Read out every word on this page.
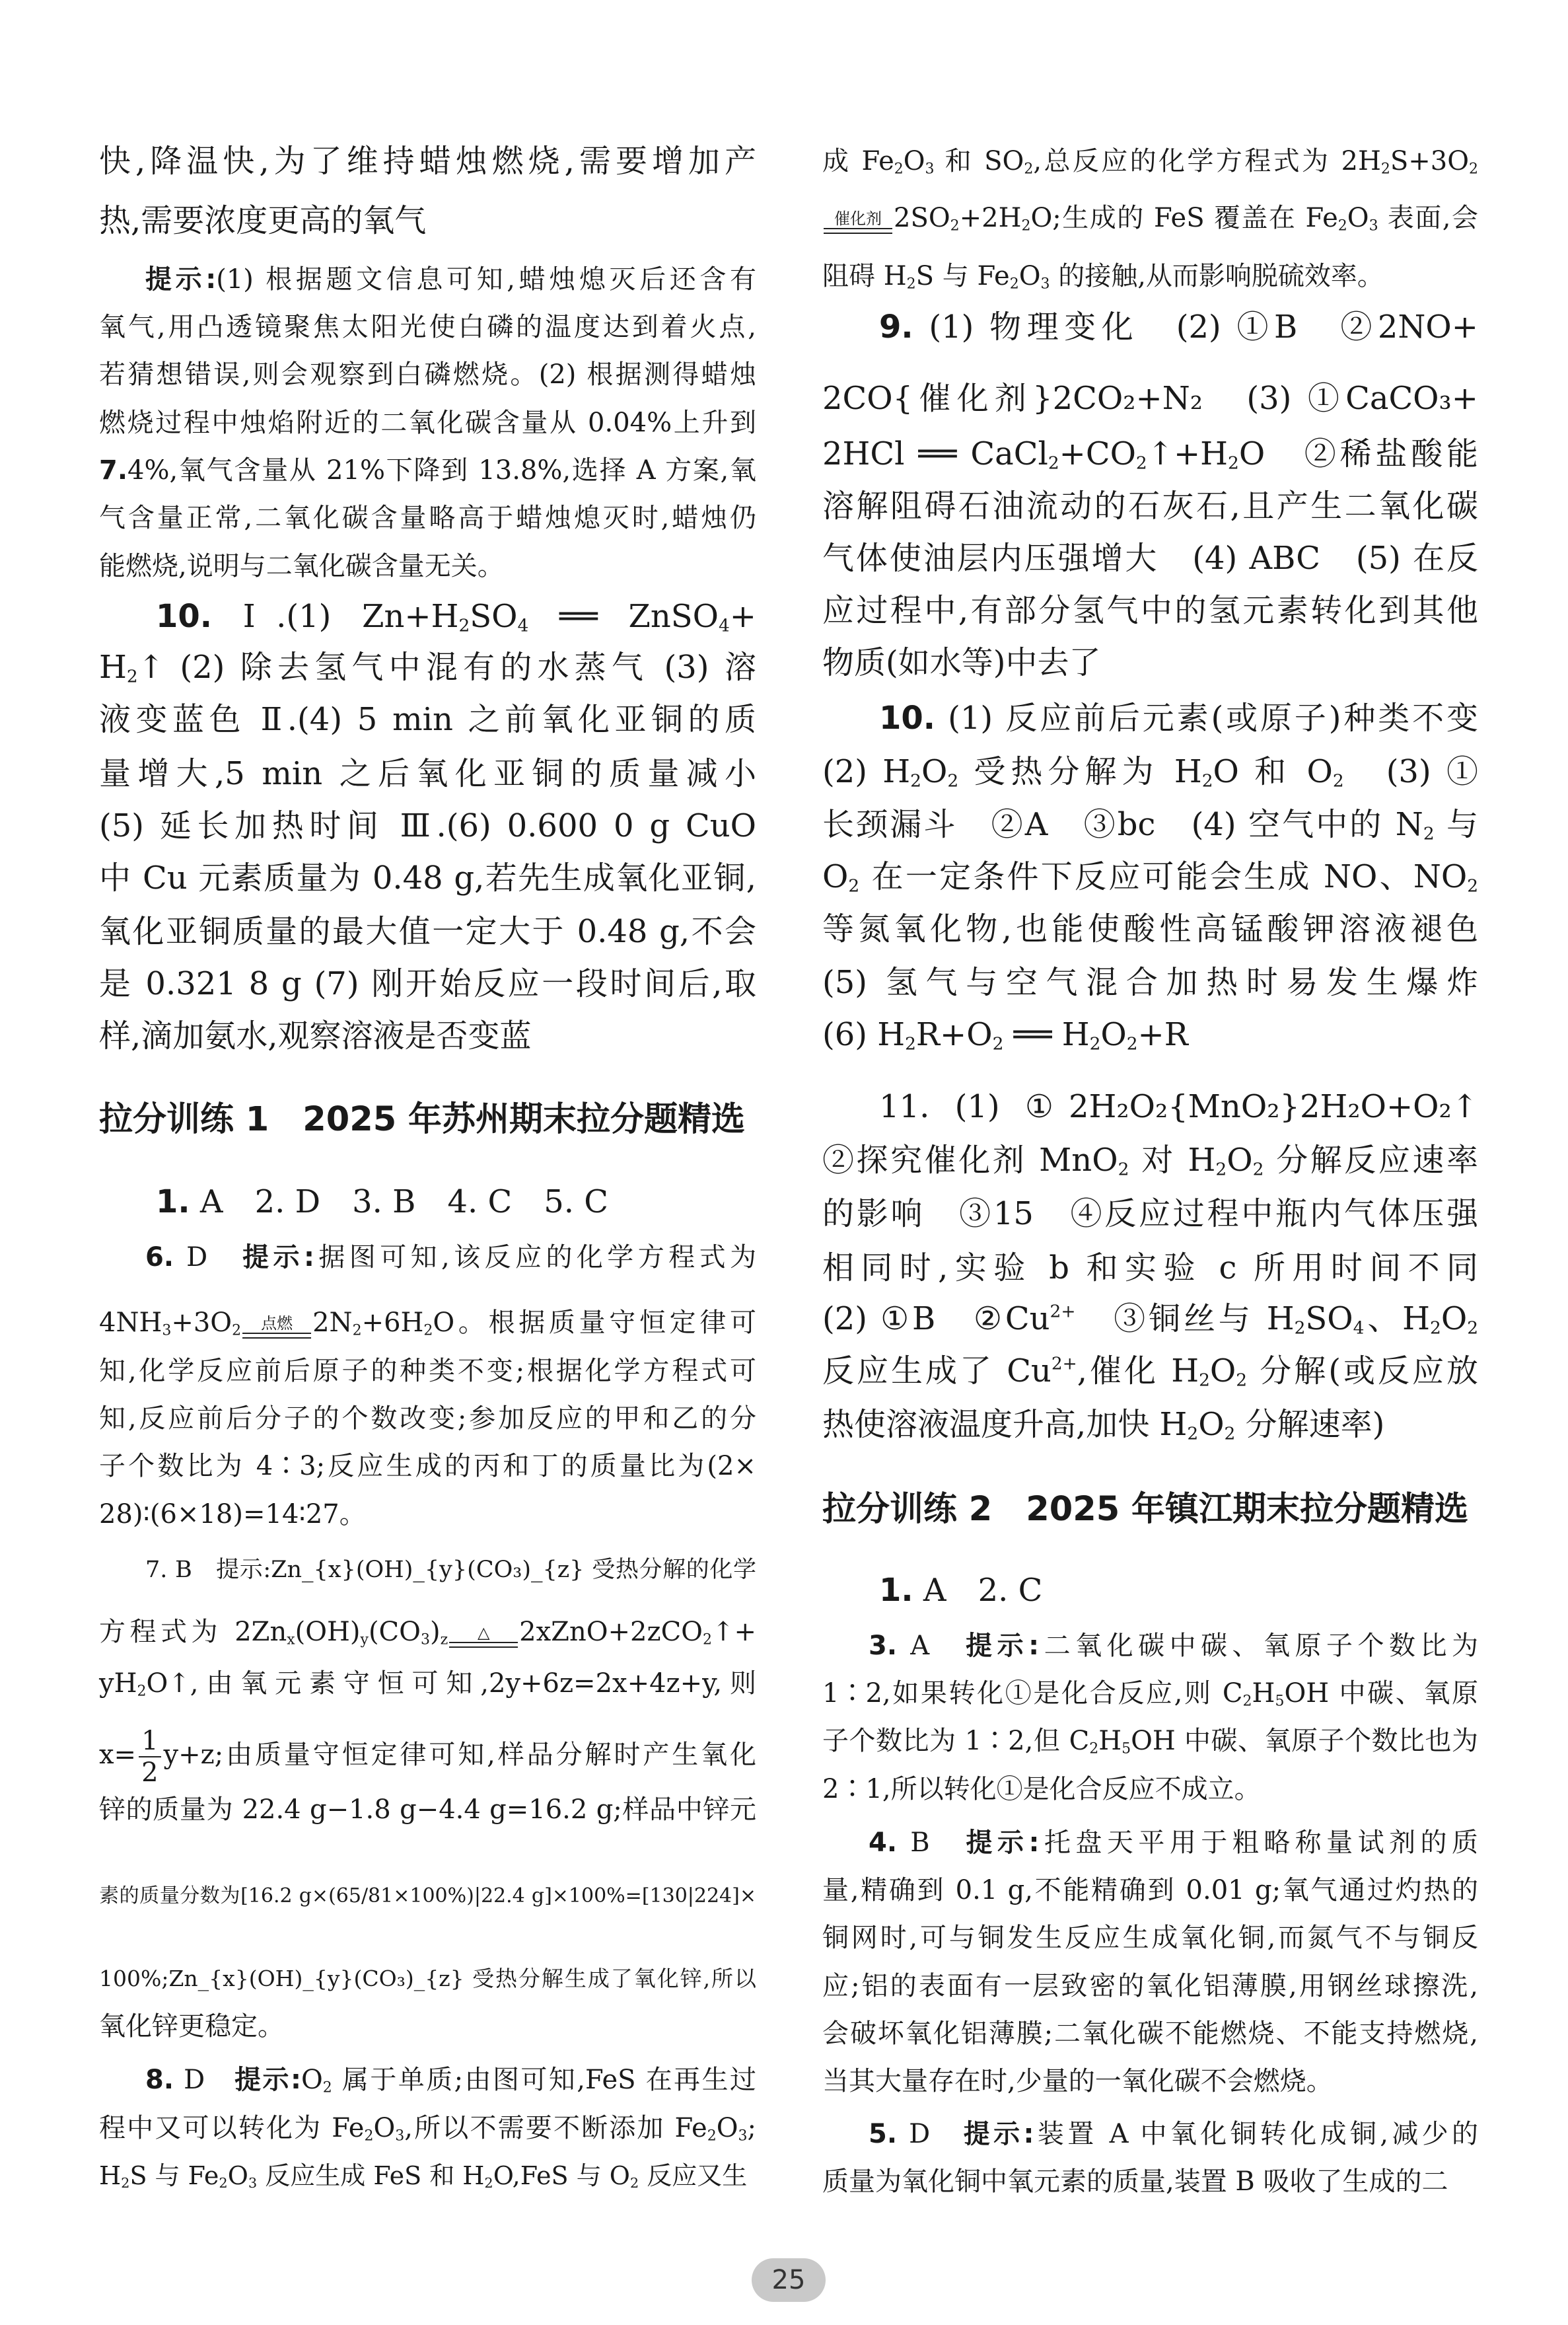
快,降温快,为了维持蜡烛燃烧,需要增加产
热,需要浓度更高的氧气
提示:(1) 根据题文信息可知,蜡烛熄灭后还含有
氧气,用凸透镜聚焦太阳光使白磷的温度达到着火点,
若猜想错误,则会观察到白磷燃烧。(2) 根据测得蜡烛
燃烧过程中烛焰附近的二氧化碳含量从 0.04%上升到
7.4%,氧气含量从 21%下降到 13.8%,选择 A 方案,氧
气含量正常,二氧化碳含量略高于蜡烛熄灭时,蜡烛仍
能燃烧,说明与二氧化碳含量无关。
10. Ⅰ.(1) $Zn+H_2SO_4$ ══ ZnSO$_4$+
$H_2↑$ (2) 除去氢气中混有的水蒸气 (3) 溶
液变蓝色 Ⅱ.(4) 5 min 之前氧化亚铜的质
量增大,5 min 之后氧化亚铜的质量减小
(5) 延长加热时间 Ⅲ.(6) 0.600 0 g CuO
中 Cu 元素质量为 0.48 g,若先生成氧化亚铜,
氧化亚铜质量的最大值一定大于 0.48 g,不会
是 0.321 8 g (7) 刚开始反应一段时间后,取
样,滴加氨水,观察溶液是否变蓝
拉分训练 1　2025 年苏州期末拉分题精选
1. A　2. D　3. B　4. C　5. C
6. D　提示:据图可知,该反应的化学方程式为
$4NH_3+3O_2$ 点燃 $2N_2+6H_2O$。根据质量守恒定律可
知,化学反应前后原子的种类不变;根据化学方程式可
知,反应前后分子的个数改变;参加反应的甲和乙的分
子个数比为 4∶3;反应生成的丙和丁的质量比为(2×
28)∶(6×18)=14∶27。
7. B　提示:Zn_{x}(OH)_{y}(CO₃)_{z} 受热分解的化学
方程式为 $2Zn_x(OH)_y(CO_3)_z$ △ 2xZnO+2zCO$_2$↑+
$yH_2O↑$,由氧元素守恒可知,2y+6z=2x+4z+y,则
$x= \frac{1}{2} y+z$;由质量守恒定律可知,样品分解时产生氧化
锌的质量为 22.4 g−1.8 g−4.4 g=16.2 g;样品中锌元
素的质量分数为[16.2 g×(65/81×100%)|22.4 g]×100%=[130|224]×
100%;Zn_{x}(OH)_{y}(CO₃)_{z} 受热分解生成了氧化锌,所以
氧化锌更稳定。
8. D　提示$:O_2$ 属于单质;由图可知,FeS 在再生过
程中又可以转化为 $Fe_2O_3$,所以不需要不断添加 $Fe_2O_3$;
$H_2S$ 与 $Fe_2O_3$ 反应生成 FeS 和 $H_2O,FeS$ 与 $O_2$ 反应又生
成 $Fe_2O_3$ 和 $SO_2$,总反应的化学方程式为 $2H_2S+3O_2$
催化剂 $2SO_2+2H_2O$;生成的 FeS 覆盖在 $Fe_2O_3$ 表面,会
阻碍 $H_2S$ 与 $Fe_2O_3$ 的接触,从而影响脱硫效率。
9. (1) 物理变化　(2) ①B　②2NO+
2CO{催化剂}2CO₂+N₂　(3) ①CaCO₃+
2HCl ══ $CaCl_2+CO_2↑+H_2O$　②稀盐酸能
溶解阻碍石油流动的石灰石,且产生二氧化碳
气体使油层内压强增大　(4) ABC　(5) 在反
应过程中,有部分氢气中的氢元素转化到其他
物质(如水等)中去了
10. (1) 反应前后元素(或原子)种类不变
(2) $H_2O_2$ 受热分解为 $H_2O$ 和 $O_2$　(3) ①
长颈漏斗　②A　③bc　(4) 空气中的 $N_2$ 与
$O_2$ 在一定条件下反应可能会生成 NO、$NO_2$
等氮氧化物,也能使酸性高锰酸钾溶液褪色
(5) 氢气与空气混合加热时易发生爆炸
(6) $H_2R+O_2$ ══ $H_2O_2+R$
11. (1) ①2H₂O₂{MnO₂}2H₂O+O₂↑
②探究催化剂 MnO$_2$ 对 $H_2O_2$ 分解反应速率
的影响　③15　④反应过程中瓶内气体压强
相同时,实验 b 和实验 c 所用时间不同
(2) ①B　$②Cu^{2+}$　③铜丝与 $H_2SO_4$、$H_2O_2$
反应生成了 $Cu^{2+}$,催化 $H_2O_2$ 分解(或反应放
热使溶液温度升高,加快 $H_2O_2$ 分解速率)
拉分训练 2　2025 年镇江期末拉分题精选
1. A　2. C
3. A　提示:二氧化碳中碳、氧原子个数比为
1∶2,如果转化①是化合反应,则 $C_2H_5OH$ 中碳、氧原
子个数比为 1∶2,但 $C_2H_5OH$ 中碳、氧原子个数比也为
2∶1,所以转化①是化合反应不成立。
4. B　提示:托盘天平用于粗略称量试剂的质
量,精确到 0.1 g,不能精确到 0.01 g;氧气通过灼热的
铜网时,可与铜发生反应生成氧化铜,而氮气不与铜反
应;铝的表面有一层致密的氧化铝薄膜,用钢丝球擦洗,
会破坏氧化铝薄膜;二氧化碳不能燃烧、不能支持燃烧,
当其大量存在时,少量的一氧化碳不会燃烧。
5. D　提示:装置 A 中氧化铜转化成铜,减少的
质量为氧化铜中氧元素的质量,装置 B 吸收了生成的二
25
